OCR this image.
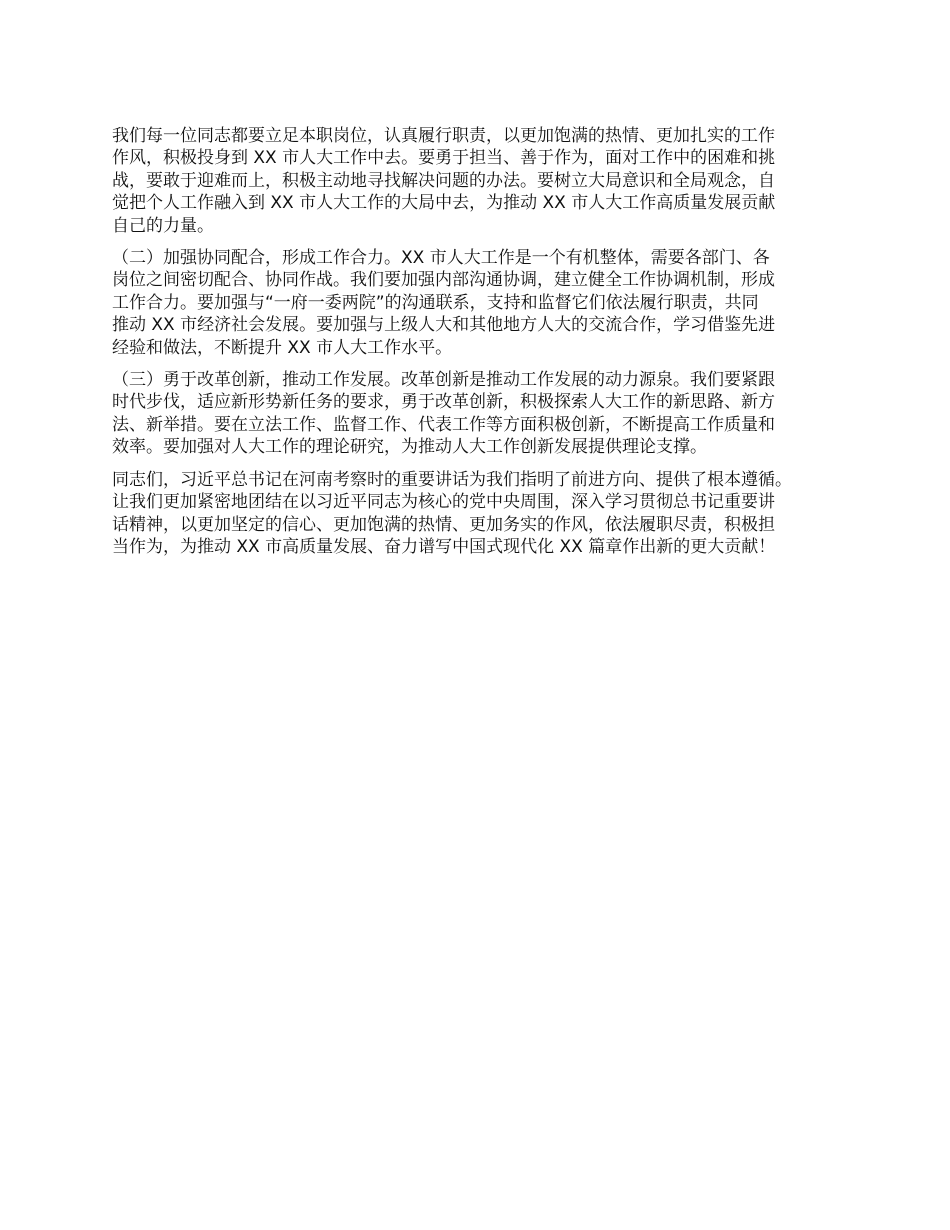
我们每一位同志都要立足本职岗位，认真履行职责，以更加饱满的热情、更加扎实的工作
作风，积极投身到 XX 市人大工作中去。要勇于担当、善于作为，面对工作中的困难和挑
战，要敢于迎难而上，积极主动地寻找解决问题的办法。要树立大局意识和全局观念，自
觉把个人工作融入到 XX 市人大工作的大局中去，为推动 XX 市人大工作高质量发展贡献
自己的力量。

（二）加强协同配合，形成工作合力。XX 市人大工作是一个有机整体，需要各部门、各
岗位之间密切配合、协同作战。我们要加强内部沟通协调，建立健全工作协调机制，形成
工作合力。要加强与“一府一委两院”的沟通联系，支持和监督它们依法履行职责，共同
推动 XX 市经济社会发展。要加强与上级人大和其他地方人大的交流合作，学习借鉴先进
经验和做法，不断提升 XX 市人大工作水平。

（三）勇于改革创新，推动工作发展。改革创新是推动工作发展的动力源泉。我们要紧跟
时代步伐，适应新形势新任务的要求，勇于改革创新，积极探索人大工作的新思路、新方
法、新举措。要在立法工作、监督工作、代表工作等方面积极创新，不断提高工作质量和
效率。要加强对人大工作的理论研究，为推动人大工作创新发展提供理论支撑。

同志们，习近平总书记在河南考察时的重要讲话为我们指明了前进方向、提供了根本遵循。
让我们更加紧密地团结在以习近平同志为核心的党中央周围，深入学习贯彻总书记重要讲
话精神，以更加坚定的信心、更加饱满的热情、更加务实的作风，依法履职尽责，积极担
当作为，为推动 XX 市高质量发展、奋力谱写中国式现代化 XX 篇章作出新的更大贡献！
